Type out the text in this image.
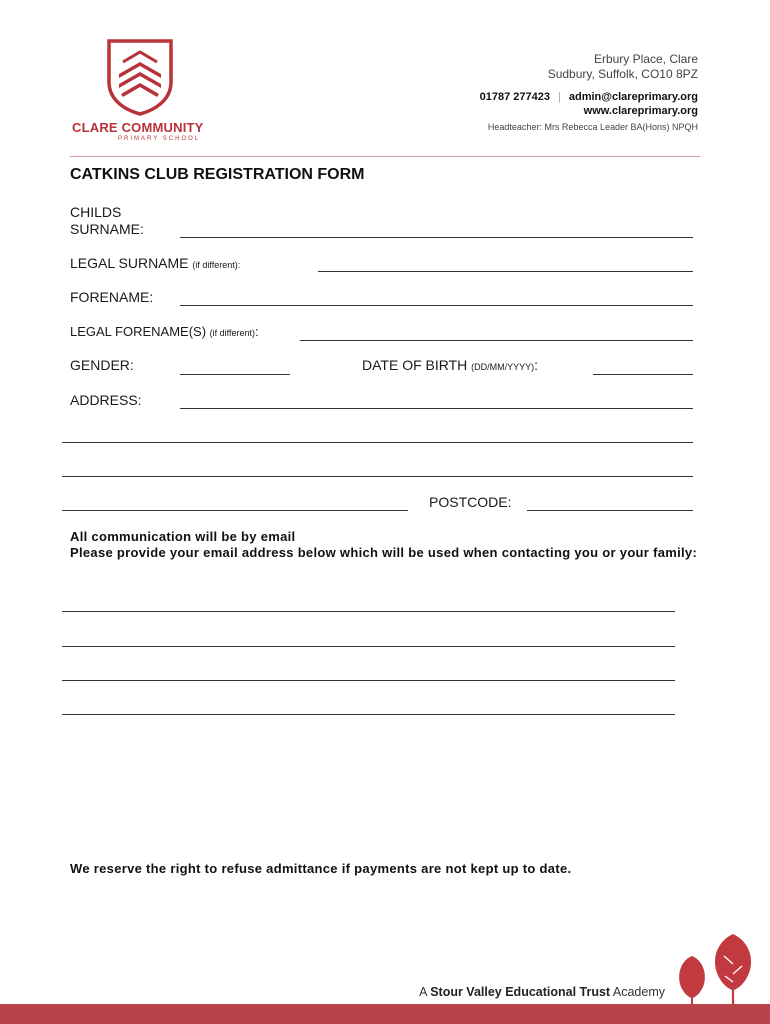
CLARE COMMUNITY
PRIMARY SCHOOL
Erbury Place, Clare
Sudbury, Suffolk, CO10 8PZ
01787 277423 | admin@clareprimary.org
www.clareprimary.org
Headteacher: Mrs Rebecca Leader BA(Hons) NPQH
CATKINS CLUB REGISTRATION FORM
CHILDS
SURNAME:
LEGAL SURNAME (if different):
FORENAME:
LEGAL FORENAME(S) (if different):
GENDER:	DATE OF BIRTH (DD/MM/YYYY):
ADDRESS:
POSTCODE:
All communication will be by email
Please provide your email address below which will be used when contacting you or your family:
We reserve the right to refuse admittance if payments are not kept up to date.
A Stour Valley Educational Trust Academy
